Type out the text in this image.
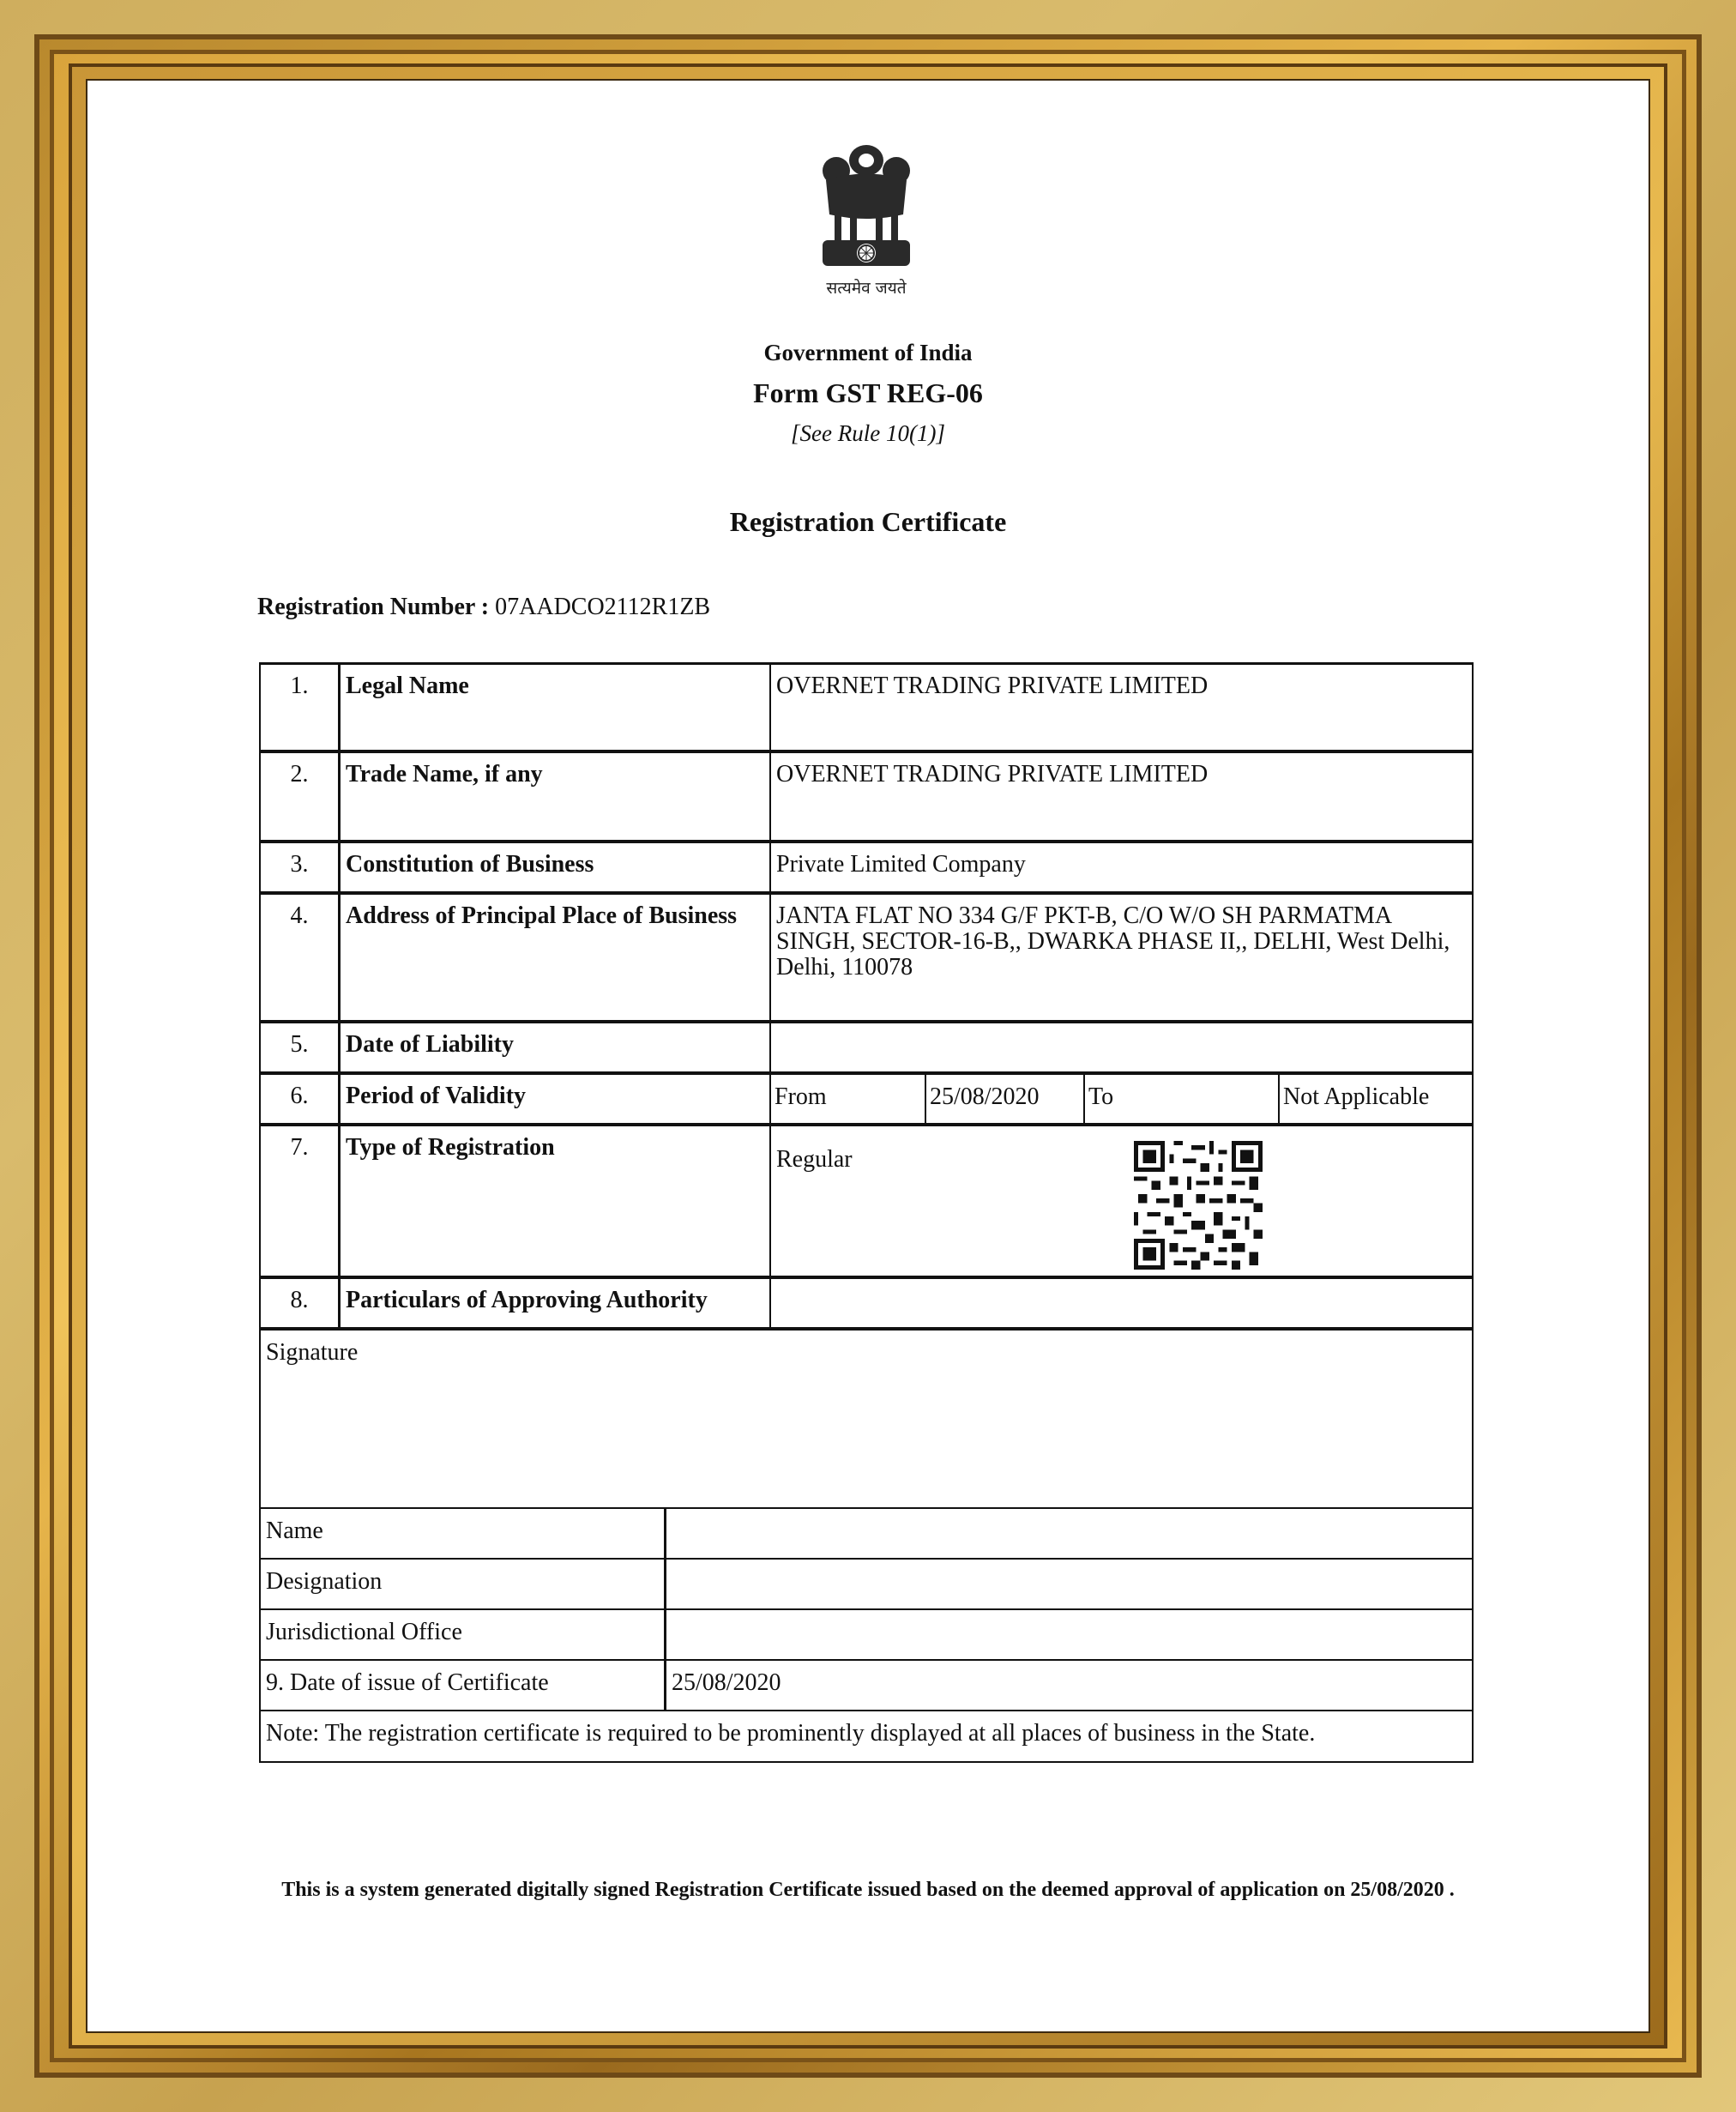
सत्यमेव जयते
Government of India
Form GST REG-06
[See Rule 10(1)]
Registration Certificate
Registration Number : 07AADCO2112R1ZB
1.	Legal Name	OVERNET TRADING PRIVATE LIMITED
2.	Trade Name, if any	OVERNET TRADING PRIVATE LIMITED
3.	Constitution of Business	Private Limited Company
4.	Address of Principal Place of Business	JANTA FLAT NO 334 G/F PKT-B, C/O W/O SH PARMATMA SINGH, SECTOR-16-B,, DWARKA PHASE II,, DELHI, West Delhi, Delhi, 110078
5.	Date of Liability
6.	Period of Validity	From	25/08/2020	To	Not Applicable
7.	Type of Registration	Regular
8.	Particulars of Approving Authority
Signature
Name
Designation
Jurisdictional Office
9. Date of issue of Certificate	25/08/2020
Note: The registration certificate is required to be prominently displayed at all places of business in the State.
This is a system generated digitally signed Registration Certificate issued based on the deemed approval of application on 25/08/2020 .
